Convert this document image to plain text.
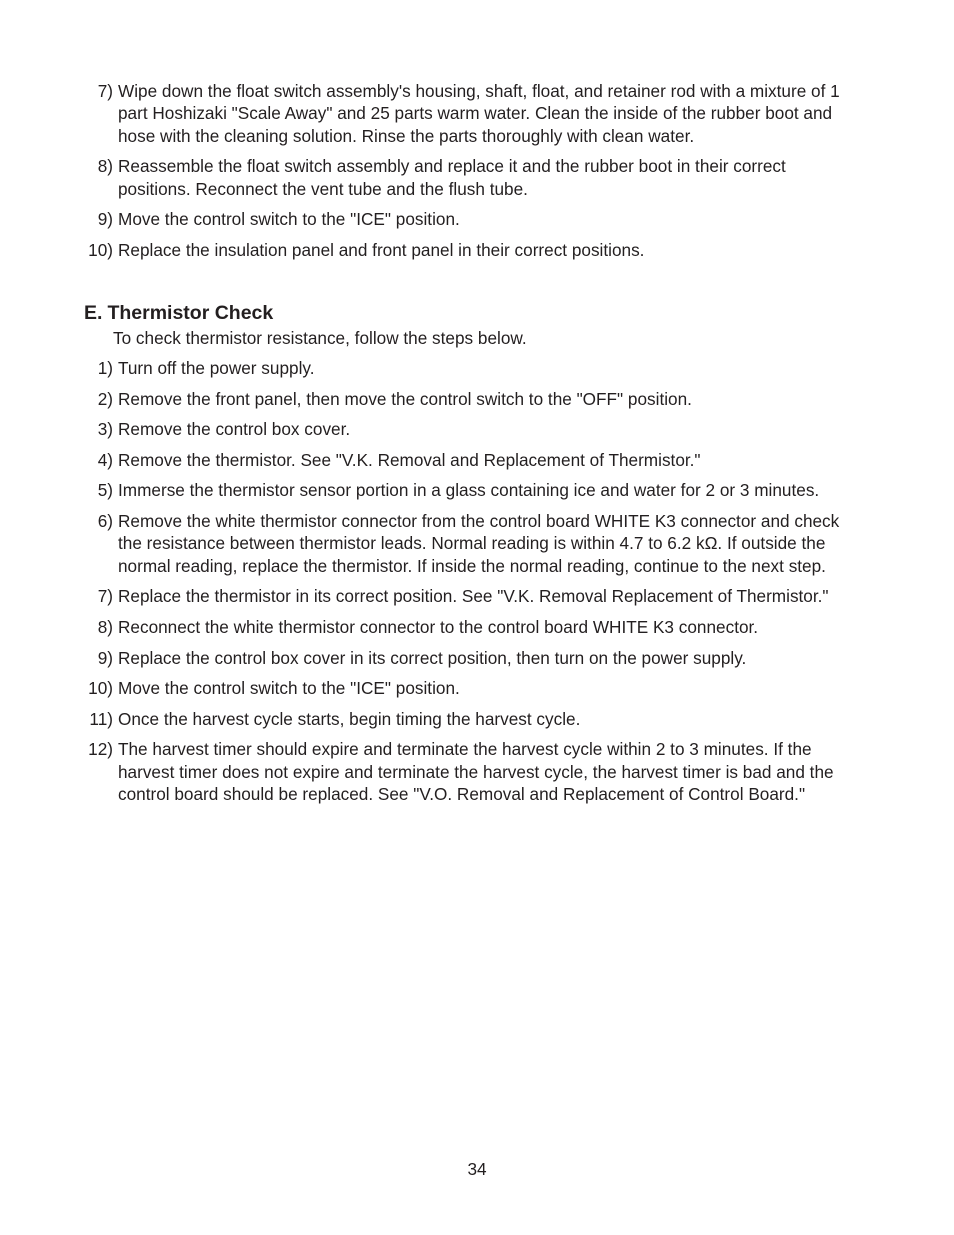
7) Wipe down the float switch assembly's housing, shaft, float, and retainer rod with a mixture of 1 part Hoshizaki "Scale Away" and 25 parts warm water. Clean the inside of the rubber boot and hose with the cleaning solution. Rinse the parts thoroughly with clean water.
8) Reassemble the float switch assembly and replace it and the rubber boot in their correct positions. Reconnect the vent tube and the flush tube.
9) Move the control switch to the "ICE" position.
10) Replace the insulation panel and front panel in their correct positions.
E. Thermistor Check

To check thermistor resistance, follow the steps below.

1) Turn off the power supply.
2) Remove the front panel, then move the control switch to the "OFF" position.
3) Remove the control box cover.
4) Remove the thermistor. See "V.K. Removal and Replacement of Thermistor."
5) Immerse the thermistor sensor portion in a glass containing ice and water for 2 or 3 minutes.
6) Remove the white thermistor connector from the control board WHITE K3 connector and check the resistance between thermistor leads. Normal reading is within 4.7 to 6.2 kΩ. If outside the normal reading, replace the thermistor. If inside the normal reading, continue to the next step.
7) Replace the thermistor in its correct position. See "V.K. Removal Replacement of Thermistor."
8) Reconnect the white thermistor connector to the control board WHITE K3 connector.
9) Replace the control box cover in its correct position, then turn on the power supply.
10) Move the control switch to the "ICE" position.
11) Once the harvest cycle starts, begin timing the harvest cycle.
12) The harvest timer should expire and terminate the harvest cycle within 2 to 3 minutes. If the harvest timer does not expire and terminate the harvest cycle, the harvest timer is bad and the control board should be replaced. See "V.O. Removal and Replacement of Control Board."
34
